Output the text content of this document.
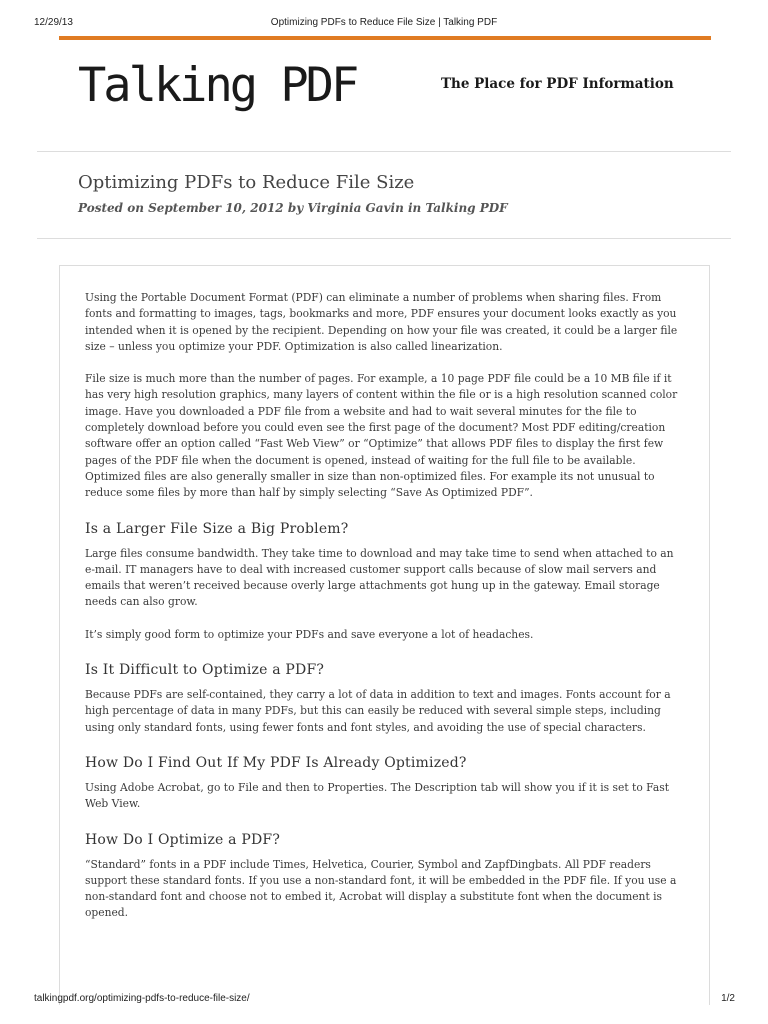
12/29/13	Optimizing PDFs to Reduce File Size | Talking PDF
Talking PDF	The Place for PDF Information
Optimizing PDFs to Reduce File Size
Posted on September 10, 2012 by Virginia Gavin in Talking PDF

Using the Portable Document Format (PDF) can eliminate a number of problems when sharing files. From fonts and formatting to images, tags, bookmarks and more, PDF ensures your document looks exactly as you intended when it is opened by the recipient. Depending on how your file was created, it could be a larger file size – unless you optimize your PDF. Optimization is also called linearization.

File size is much more than the number of pages. For example, a 10 page PDF file could be a 10 MB file if it has very high resolution graphics, many layers of content within the file or is a high resolution scanned color image. Have you downloaded a PDF file from a website and had to wait several minutes for the file to completely download before you could even see the first page of the document? Most PDF editing/creation software offer an option called “Fast Web View” or “Optimize” that allows PDF files to display the first few pages of the PDF file when the document is opened, instead of waiting for the full file to be available. Optimized files are also generally smaller in size than non-optimized files. For example its not unusual to reduce some files by more than half by simply selecting “Save As Optimized PDF”.

Is a Larger File Size a Big Problem?

Large files consume bandwidth. They take time to download and may take time to send when attached to an e-mail. IT managers have to deal with increased customer support calls because of slow mail servers and emails that weren’t received because overly large attachments got hung up in the gateway. Email storage needs can also grow.

It’s simply good form to optimize your PDFs and save everyone a lot of headaches.

Is It Difficult to Optimize a PDF?

Because PDFs are self-contained, they carry a lot of data in addition to text and images. Fonts account for a high percentage of data in many PDFs, but this can easily be reduced with several simple steps, including using only standard fonts, using fewer fonts and font styles, and avoiding the use of special characters.

How Do I Find Out If My PDF Is Already Optimized?

Using Adobe Acrobat, go to File and then to Properties. The Description tab will show you if it is set to Fast Web View.

How Do I Optimize a PDF?

“Standard” fonts in a PDF include Times, Helvetica, Courier, Symbol and ZapfDingbats. All PDF readers support these standard fonts. If you use a non-standard font, it will be embedded in the PDF file. If you use a non-standard font and choose not to embed it, Acrobat will display a substitute font when the document is opened.

talkingpdf.org/optimizing-pdfs-to-reduce-file-size/	1/2
